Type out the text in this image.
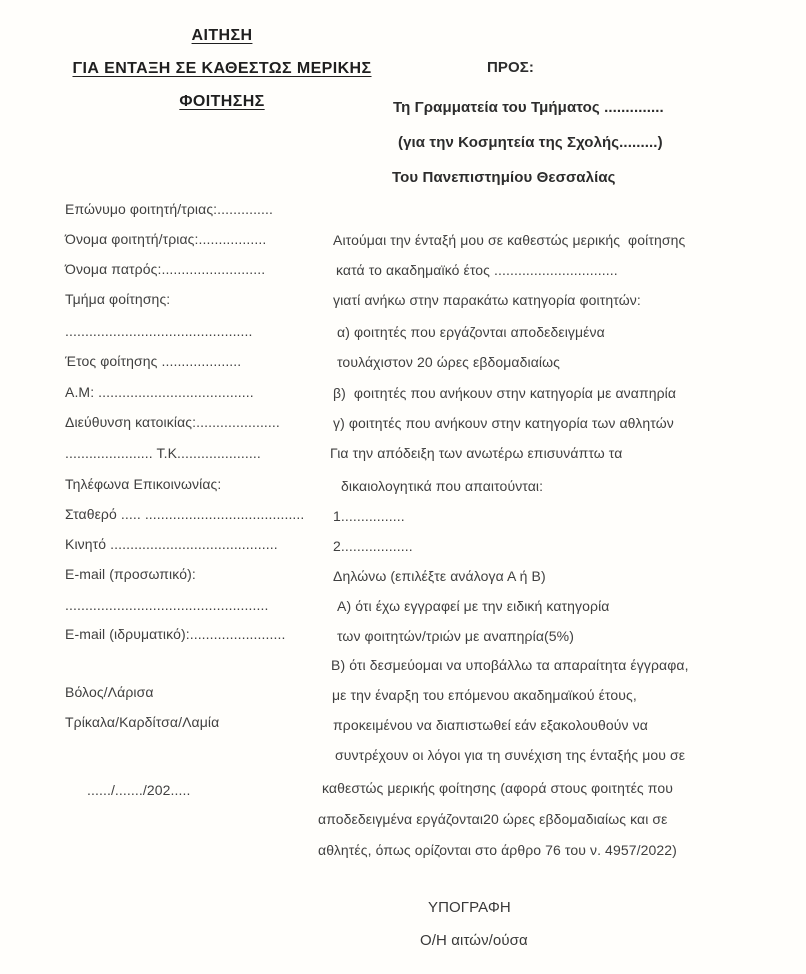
ΑΙΤΗΣΗ
ΓΙΑ ΕΝΤΑΞΗ ΣΕ ΚΑΘΕΣΤΩΣ ΜΕΡΙΚΗΣ
ΦΟΙΤΗΣΗΣ
ΠΡΟΣ:
Τη Γραμματεία του Τμήματος ..............
(για την Κοσμητεία της Σχολής.........)
Του Πανεπιστημίου Θεσσαλίας
Επώνυμο φοιτητή/τριας:..............
Όνομα φοιτητή/τριας:.................
Όνομα πατρός:..........................
Τμήμα φοίτησης:
...............................................
Έτος φοίτησης ....................
Α.Μ: .......................................
Διεύθυνση κατοικίας:.....................
...................... Τ.Κ.....................
Τηλέφωνα Επικοινωνίας:
Σταθερό ..... ........................................
Κινητό ..........................................
E-mail (προσωπικό):
...................................................
E-mail (ιδρυματικό):........................
Βόλος/Λάρισα
Τρίκαλα/Καρδίτσα/Λαμία
....../......./202.....
Αιτούμαι την ένταξή μου σε καθεστώς μερικής  φοίτησης
κατά το ακαδημαϊκό έτος ...............................
γιατί ανήκω στην παρακάτω κατηγορία φοιτητών:
α) φοιτητές που εργάζονται αποδεδειγμένα
τουλάχιστον 20 ώρες εβδομαδιαίως
β)  φοιτητές που ανήκουν στην κατηγορία με αναπηρία
γ) φοιτητές που ανήκουν στην κατηγορία των αθλητών
Για την απόδειξη των ανωτέρω επισυνάπτω τα
δικαιολογητικά που απαιτούνται:
1................
2..................
Δηλώνω (επιλέξτε ανάλογα Α ή Β)
Α) ότι έχω εγγραφεί με την ειδική κατηγορία
των φοιτητών/τριών με αναπηρία(5%)
Β) ότι δεσμεύομαι να υποβάλλω τα απαραίτητα έγγραφα,
με την έναρξη του επόμενου ακαδημαϊκού έτους,
προκειμένου να διαπιστωθεί εάν εξακολουθούν να
συντρέχουν οι λόγοι για τη συνέχιση της ένταξής μου σε
καθεστώς μερικής φοίτησης (αφορά στους φοιτητές που
αποδεδειγμένα εργάζονται20 ώρες εβδομαδιαίως και σε
αθλητές, όπως ορίζονται στο άρθρο 76 του ν. 4957/2022)
ΥΠΟΓΡΑΦΗ
Ο/Η αιτών/ούσα
